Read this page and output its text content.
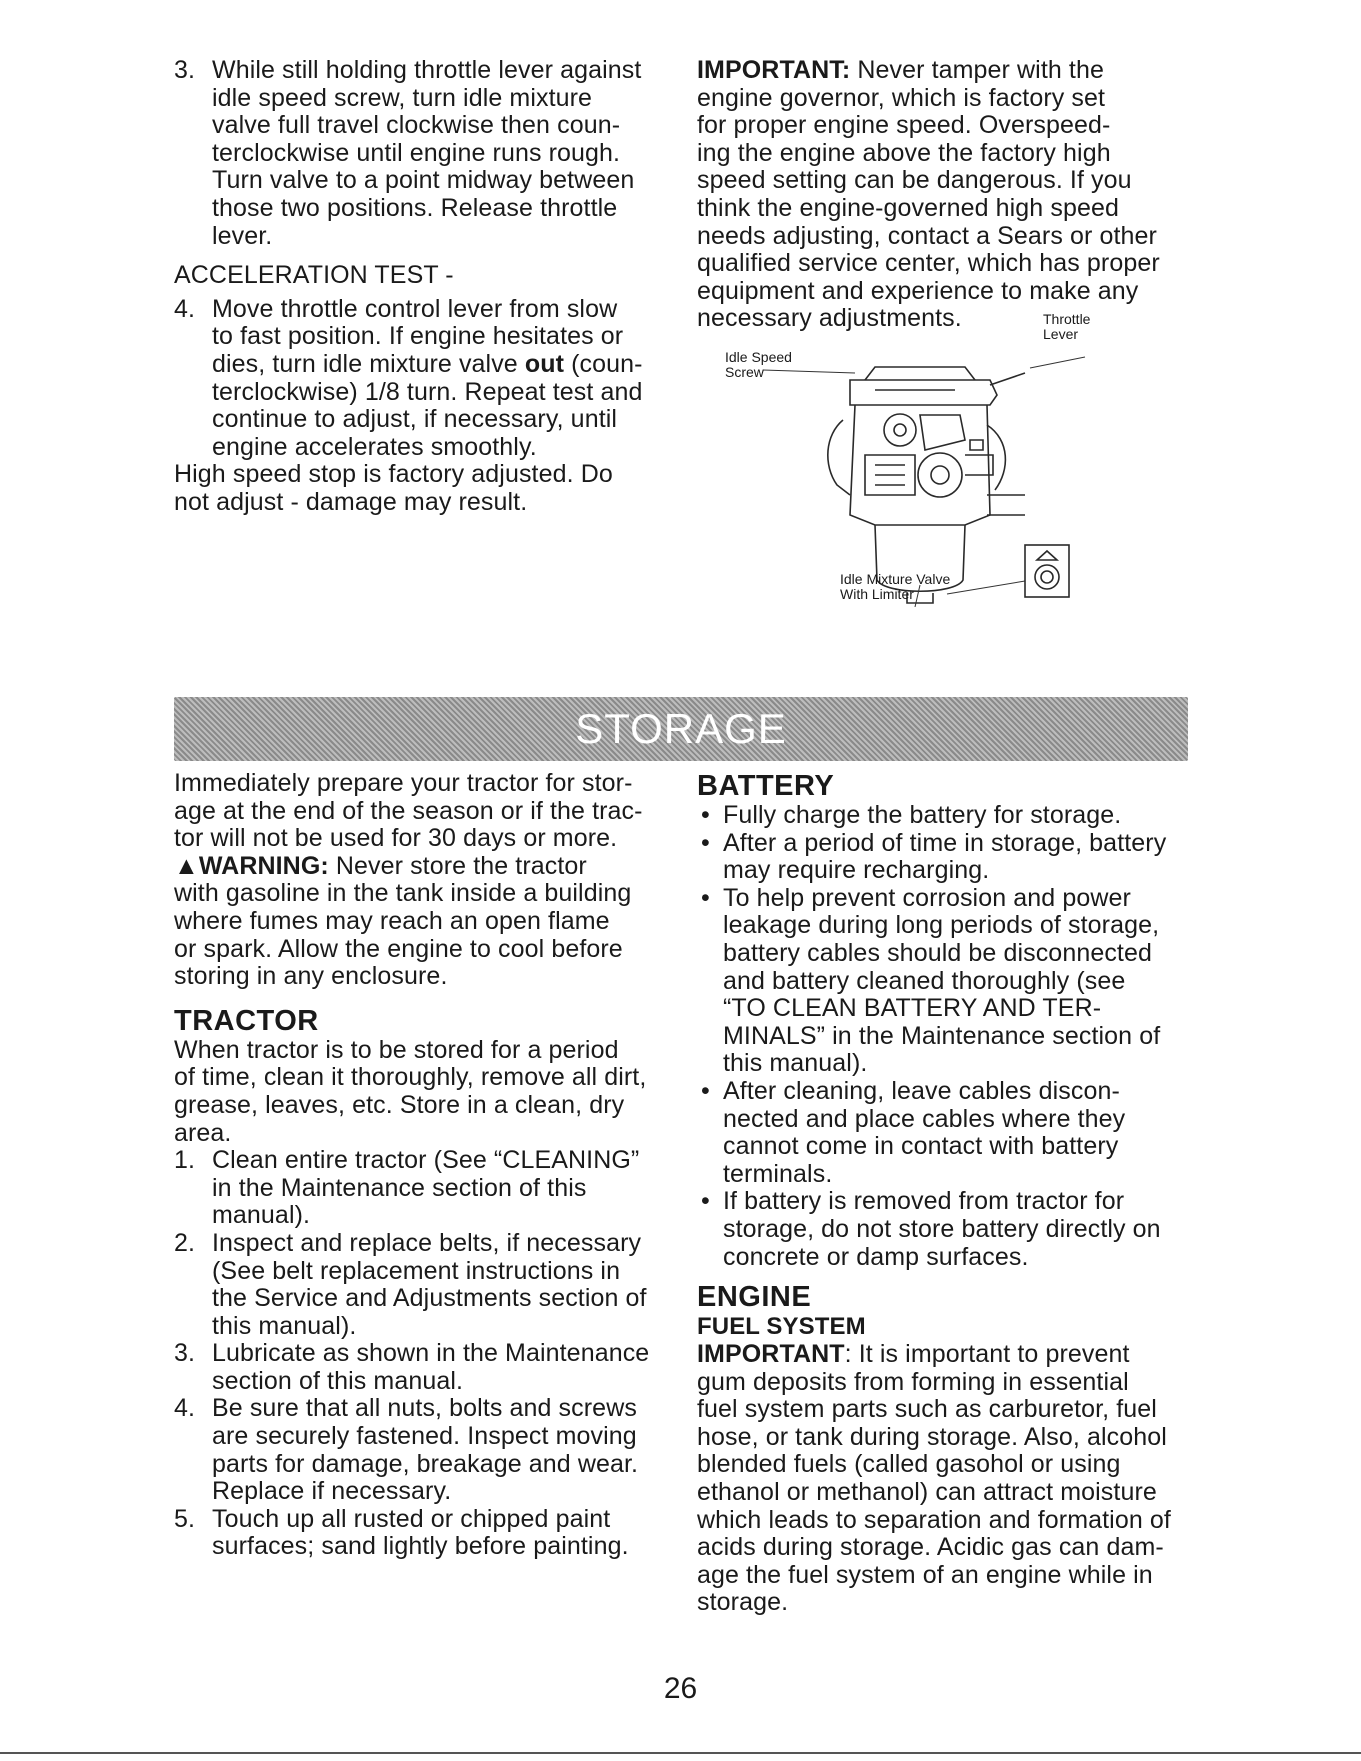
3. While still holding throttle lever against

idle speed screw, turn idle mixture

valve full travel clockwise then coun-

terclockwise until engine runs rough.

Turn valve to a point midway between

those two positions. Release throttle

lever.

ACCELERATION TEST -

4. Move throttle control lever from slow

to fast position. If engine hesitates or

dies, turn idle mixture valve out (coun-

terclockwise) 1/8 turn. Repeat test and

continue to adjust, if necessary, until

engine accelerates smoothly.

High speed stop is factory adjusted. Do

not adjust - damage may result.

IMPORTANT: Never tamper with the

engine governor, which is factory set

for proper engine speed. Overspeed-

ing the engine above the factory high

speed setting can be dangerous. If you

think the engine-governed high speed

needs adjusting, contact a Sears or other

qualified service center, which has proper

equipment and experience to make any

necessary adjustments.	Throttle
Lever
Idle Speed
Screw
Idle Mixture Valve
With Limiter
STORAGE

Immediately prepare your tractor for stor-

age at the end of the season or if the trac-

tor will not be used for 30 days or more.

▲WARNING: Never store the tractor

with gasoline in the tank inside a building

where fumes may reach an open flame

or spark. Allow the engine to cool before

storing in any enclosure.

TRACTOR

When tractor is to be stored for a period

of time, clean it thoroughly, remove all dirt,

grease, leaves, etc. Store in a clean, dry

area.

1. Clean entire tractor (See “CLEANING”

in the Maintenance section of this

manual).

2. Inspect and replace belts, if necessary

(See belt replacement instructions in

the Service and Adjustments section of

this manual).

3. Lubricate as shown in the Maintenance

section of this manual.

4. Be sure that all nuts, bolts and screws

are securely fastened. Inspect moving

parts for damage, breakage and wear.

Replace if necessary.

5. Touch up all rusted or chipped paint

surfaces; sand lightly before painting.

BATTERY

• Fully charge the battery for storage.

• After a period of time in storage, battery

may require recharging.

• To help prevent corrosion and power

leakage during long periods of storage,

battery cables should be disconnected

and battery cleaned thoroughly (see

“TO CLEAN BATTERY AND TER-

MINALS” in the Maintenance section of

this manual).

• After cleaning, leave cables discon-

nected and place cables where they

cannot come in contact with battery

terminals.

• If battery is removed from tractor for

storage, do not store battery directly on

concrete or damp surfaces.

ENGINE

FUEL SYSTEM

IMPORTANT: It is important to prevent

gum deposits from forming in essential

fuel system parts such as carburetor, fuel

hose, or tank during storage. Also, alcohol

blended fuels (called gasohol or using

ethanol or methanol) can attract moisture

which leads to separation and formation of

acids during storage. Acidic gas can dam-

age the fuel system of an engine while in

storage.

26
